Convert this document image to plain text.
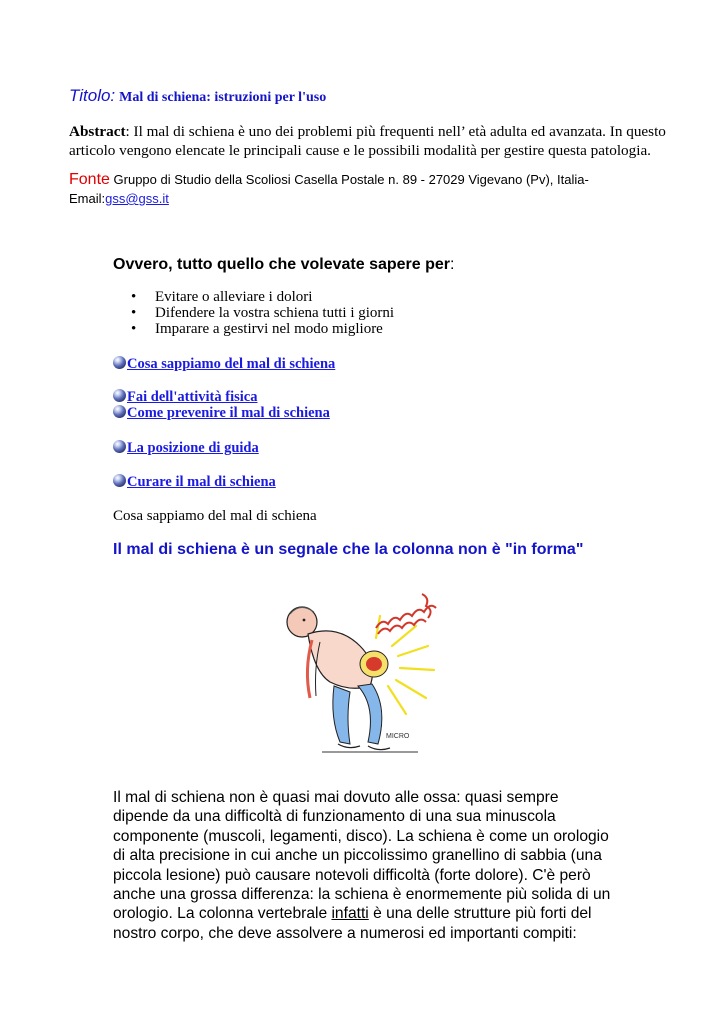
Titolo: Mal di schiena: istruzioni per l'uso
Abstract: Il mal di schiena è uno dei problemi più frequenti nell’ età adulta ed avanzata. In questo articolo vengono elencate le principali cause e le possibili modalità per gestire questa patologia.
Fonte Gruppo di Studio della Scoliosi Casella Postale n. 89 - 27029 Vigevano (Pv), Italia- Email:gss@gss.it
Ovvero, tutto quello che volevate sapere per:
• Evitare o alleviare i dolori
• Difendere la vostra schiena tutti i giorni
• Imparare a gestirvi nel modo migliore
Cosa sappiamo del mal di schiena
Fai dell'attività fisica
Come prevenire il mal di schiena
La posizione di guida
Curare il mal di schiena
Cosa sappiamo del mal di schiena
Il mal di schiena è un segnale che la colonna non è "in forma"
MICRO
Il mal di schiena non è quasi mai dovuto alle ossa: quasi sempre dipende da una difficoltà di funzionamento di una sua minuscola componente (muscoli, legamenti, disco). La schiena è come un orologio di alta precisione in cui anche un piccolissimo granellino di sabbia (una piccola lesione) può causare notevoli difficoltà (forte dolore). C'è però anche una grossa differenza: la schiena è enormemente più solida di un orologio. La colonna vertebrale infatti è una delle strutture più forti del nostro corpo, che deve assolvere a numerosi ed importanti compiti:
